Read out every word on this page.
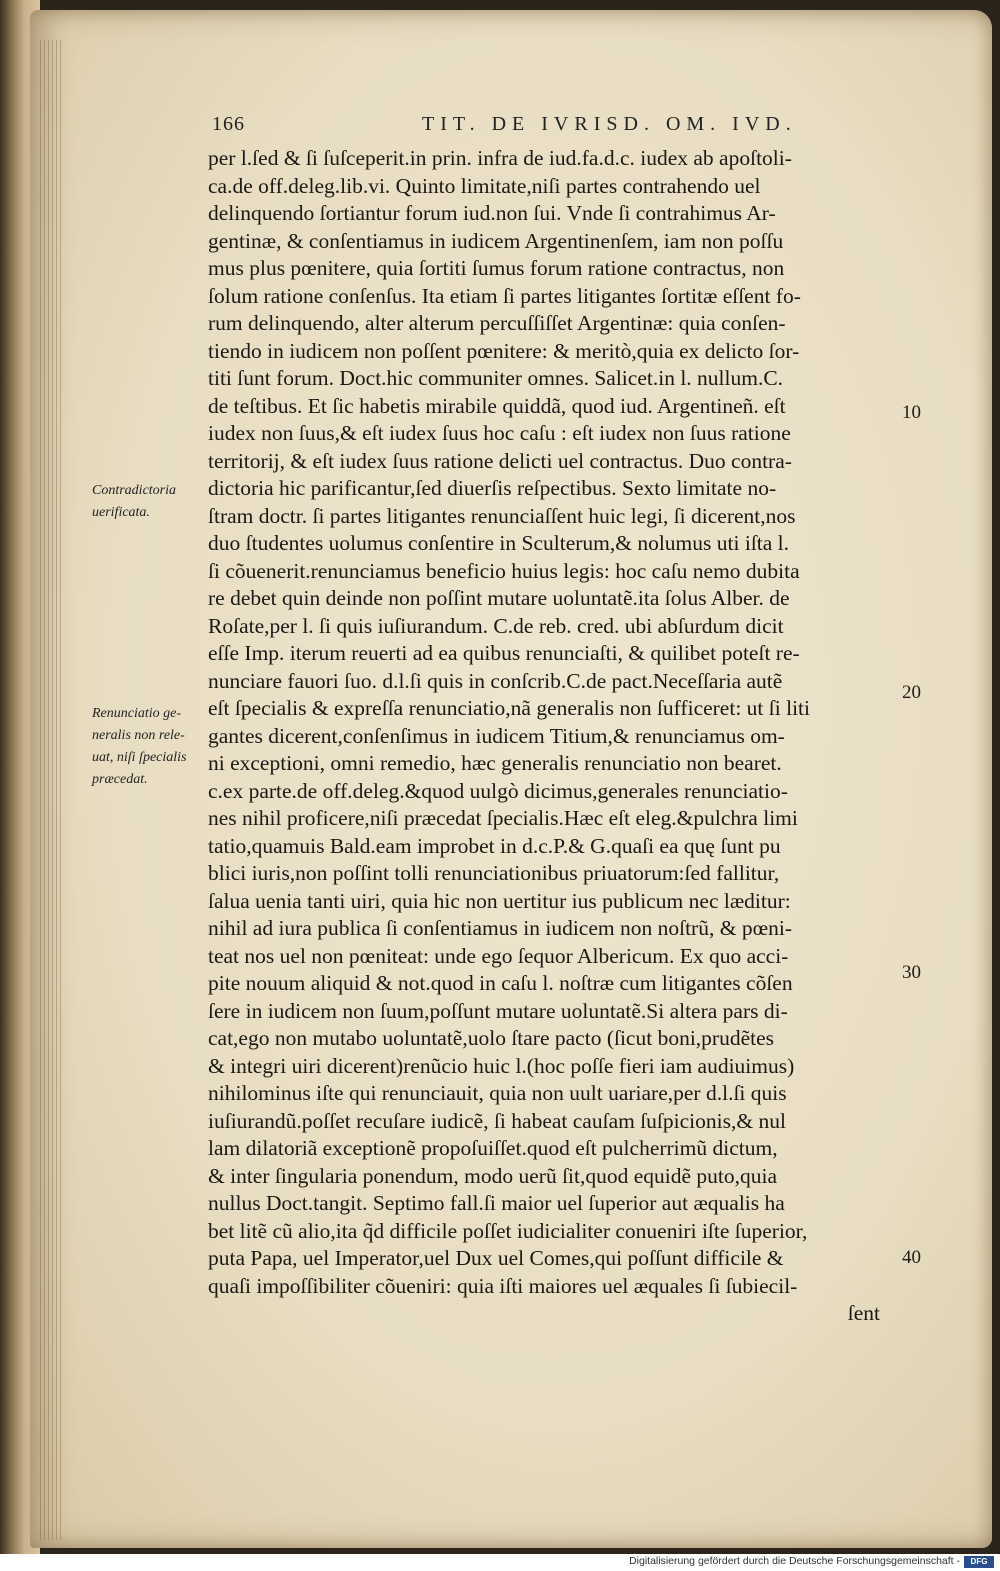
166	TIT. DE IVRISD. OM. IVD.
per l.ſed & ſi ſuſceperit.in prin. infra de iud.fa.d.c. iudex ab apoſtoli-
ca.de off.deleg.lib.vi. Quinto limitate,niſi partes contrahendo uel
delinquendo ſortiantur forum iud.non ſui. Vnde ſi contrahimus Ar-
gentinæ, & conſentiamus in iudicem Argentinenſem, iam non poſſu
mus plus pœnitere, quia ſortiti ſumus forum ratione contractus, non
ſolum ratione conſenſus. Ita etiam ſi partes litigantes ſortitæ eſſent fo-
rum delinquendo, alter alterum percuſſiſſet Argentinæ: quia conſen-
tiendo in iudicem non poſſent pœnitere: & meritò,quia ex delicto ſor-
titi ſunt forum. Doct.hic communiter omnes. Salicet.in l. nullum.C.
de teſtibus. Et ſic habetis mirabile quiddã, quod iud. Argentineñ. eſt
iudex non ſuus,& eſt iudex ſuus hoc caſu : eſt iudex non ſuus ratione
territorij, & eſt iudex ſuus ratione delicti uel contractus. Duo contra-
dictoria hic parificantur,ſed diuerſis reſpectibus. Sexto limitate no-
ſtram doctr. ſi partes litigantes renunciaſſent huic legi, ſi dicerent,nos
duo ſtudentes uolumus conſentire in Sculterum,& nolumus uti iſta l.
ſi cõuenerit.renunciamus beneficio huius legis: hoc caſu nemo dubita
re debet quin deinde non poſſint mutare uoluntatẽ.ita ſolus Alber. de
Roſate,per l. ſi quis iuſiurandum. C.de reb. cred. ubi abſurdum dicit
eſſe Imp. iterum reuerti ad ea quibus renunciaſti, & quilibet poteſt re-
nunciare fauori ſuo. d.l.ſi quis in conſcrib.C.de pact.Neceſſaria autẽ
eſt ſpecialis & expreſſa renunciatio,nã generalis non ſufficeret: ut ſi liti
gantes dicerent,conſenſimus in iudicem Titium,& renunciamus om-
ni exceptioni, omni remedio, hæc generalis renunciatio non bearet.
c.ex parte.de off.deleg.&quod uulgò dicimus,generales renunciatio-
nes nihil proficere,niſi præcedat ſpecialis.Hæc eſt eleg.&pulchra limi
tatio,quamuis Bald.eam improbet in d.c.P.& G.quaſi ea quę ſunt pu
blici iuris,non poſſint tolli renunciationibus priuatorum:ſed fallitur,
ſalua uenia tanti uiri, quia hic non uertitur ius publicum nec læditur:
nihil ad iura publica ſi conſentiamus in iudicem non noſtrũ, & pœni-
teat nos uel non pœniteat: unde ego ſequor Albericum. Ex quo acci-
pite nouum aliquid & not.quod in caſu l. noſtræ cum litigantes cõſen
ſere in iudicem non ſuum,poſſunt mutare uoluntatẽ.Si altera pars di-
cat,ego non mutabo uoluntatẽ,uolo ſtare pacto (ſicut boni,prudẽtes
& integri uiri dicerent)renũcio huic l.(hoc poſſe fieri iam audiuimus)
nihilominus iſte qui renunciauit, quia non uult uariare,per d.l.ſi quis
iuſiurandũ.poſſet recuſare iudicẽ, ſi habeat cauſam ſuſpicionis,& nul
lam dilatoriã exceptionẽ propoſuiſſet.quod eſt pulcherrimũ dictum,
& inter ſingularia ponendum, modo uerũ ſit,quod equidẽ puto,quia
nullus Doct.tangit. Septimo fall.ſi maior uel ſuperior aut æqualis ha
bet litẽ cũ alio,ita q̃d difficile poſſet iudicialiter conueniri iſte ſuperior,
puta Papa, uel Imperator,uel Dux uel Comes,qui poſſunt difficile &
quaſi impoſſibiliter cõueniri: quia iſti maiores uel æquales ſi ſubiecil-
ſent
Contradictoria
uerificata.
Renunciatio ge-
neralis non rele-
uat, niſi ſpecialis
præcedat.
10
20
30
40
Digitalisierung gefördert durch die Deutsche Forschungsgemeinschaft -	DFG
